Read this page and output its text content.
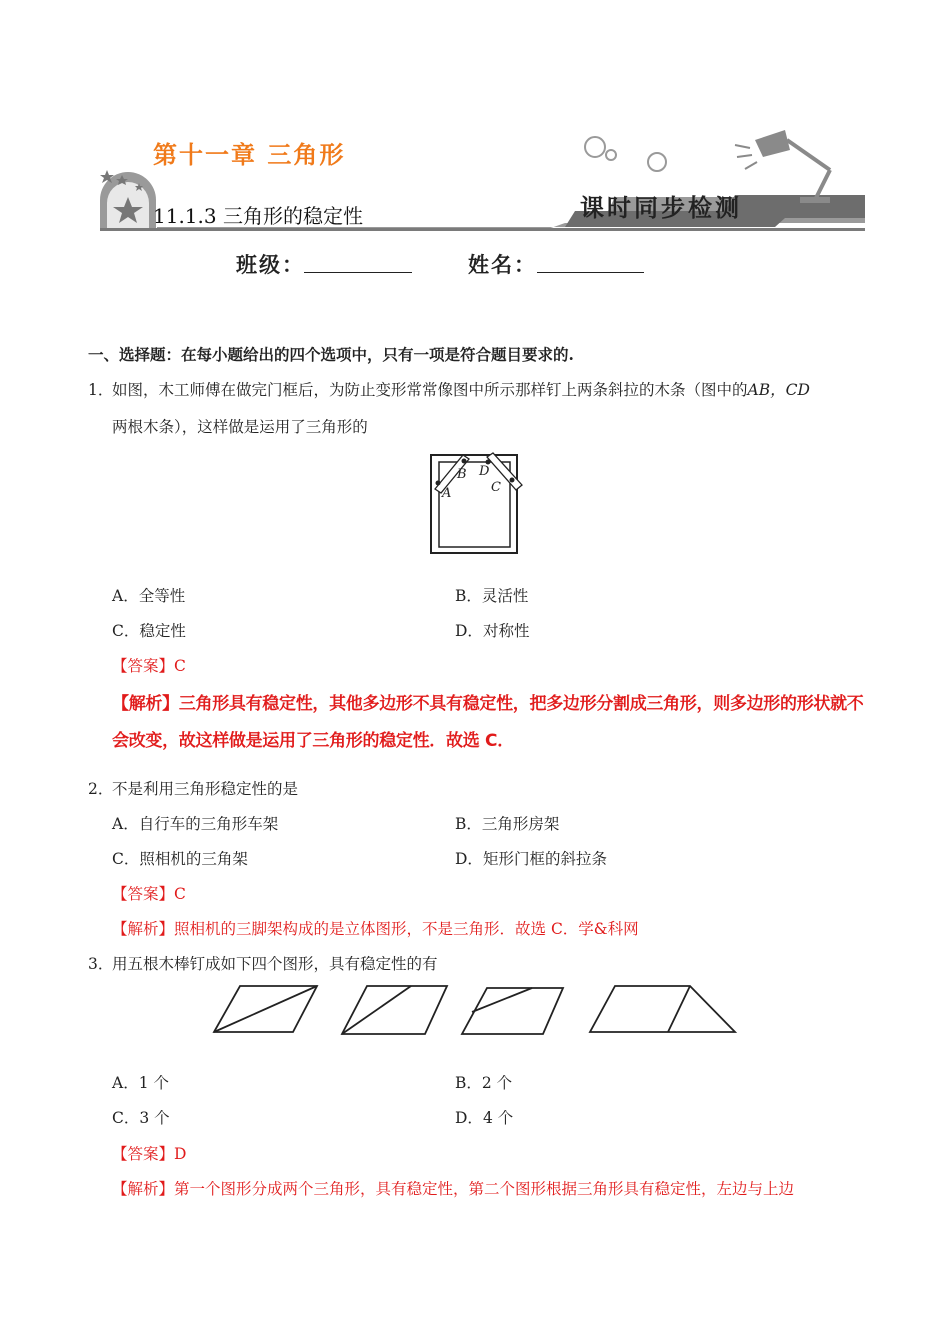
第十一章 三角形
11.1.3 三角形的稳定性	课时同步检测
班级：	姓名：
一、选择题：在每小题给出的四个选项中，只有一项是符合题目要求的.
1．
如图，木工师傅在做完门框后，为防止变形常常像图中所示那样钉上两条斜拉的木条（图中的AB，CD
两根木条），这样做是运用了三角形的
A
B D
C
A．全等性	B．灵活性
C．稳定性	D．对称性
【答案】C
【解析】三角形具有稳定性，其他多边形不具有稳定性，把多边形分割成三角形，则多边形的形状就不
会改变，故这样做是运用了三角形的稳定性．故选 C．
2．
不是利用三角形稳定性的是
A．自行车的三角形车架	B．三角形房架
C．照相机的三角架	D．矩形门框的斜拉条
【答案】C
【解析】照相机的三脚架构成的是立体图形，不是三角形．故选 C．学&科网
3．
用五根木棒钉成如下四个图形，具有稳定性的有
A．1 个	B．2 个
C．3 个	D．4 个
【答案】D
【解析】第一个图形分成两个三角形，具有稳定性，第二个图形根据三角形具有稳定性，左边与上边
